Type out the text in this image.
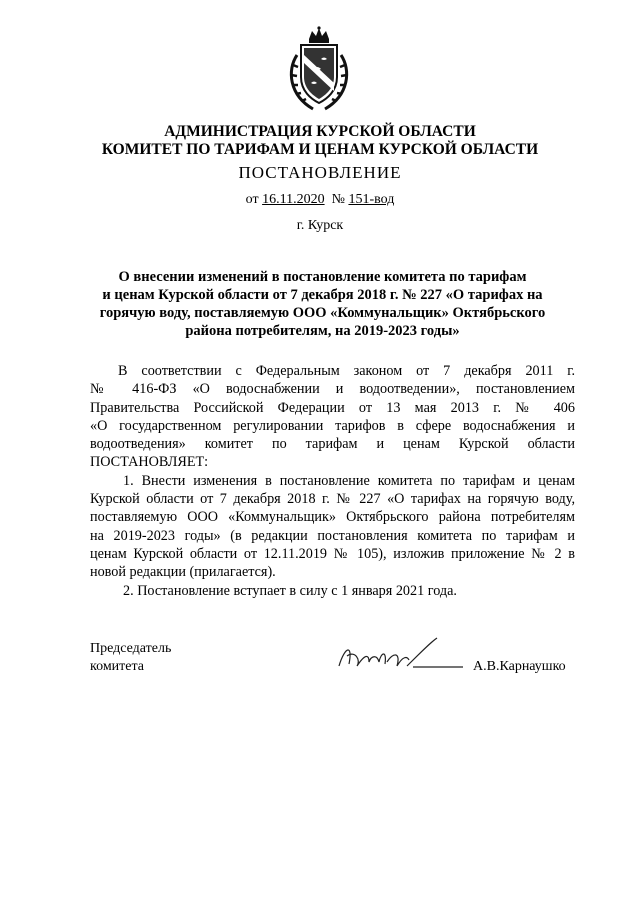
АДМИНИСТРАЦИЯ КУРСКОЙ ОБЛАСТИ
КОМИТЕТ ПО ТАРИФАМ И ЦЕНАМ КУРСКОЙ ОБЛАСТИ
ПОСТАНОВЛЕНИЕ
от 16.11.2020 № 151-вод
г. Курск
О внесении изменений в постановление комитета по тарифам
и ценам Курской области от 7 декабря 2018 г. № 227 «О тарифах на
горячую воду, поставляемую ООО «Коммунальщик» Октябрьского
района потребителям, на 2019-2023 годы»
В соответствии с Федеральным законом от 7 декабря 2011 г.
№ 416-ФЗ «О водоснабжении и водоотведении», постановлением
Правительства Российской Федерации от 13 мая 2013 г. № 406
«О государственном регулировании тарифов в сфере водоснабжения и
водоотведения» комитет по тарифам и ценам Курской области
ПОСТАНОВЛЯЕТ:
1. Внести изменения в постановление комитета по тарифам и ценам
Курской области от 7 декабря 2018 г. № 227 «О тарифах на горячую воду,
поставляемую ООО «Коммунальщик» Октябрьского района потребителям
на 2019-2023 годы» (в редакции постановления комитета по тарифам и
ценам Курской области от 12.11.2019 № 105), изложив приложение № 2 в
новой редакции (прилагается).
2. Постановление вступает в силу с 1 января 2021 года.
Председатель
комитета	А.В.Карнаушко
